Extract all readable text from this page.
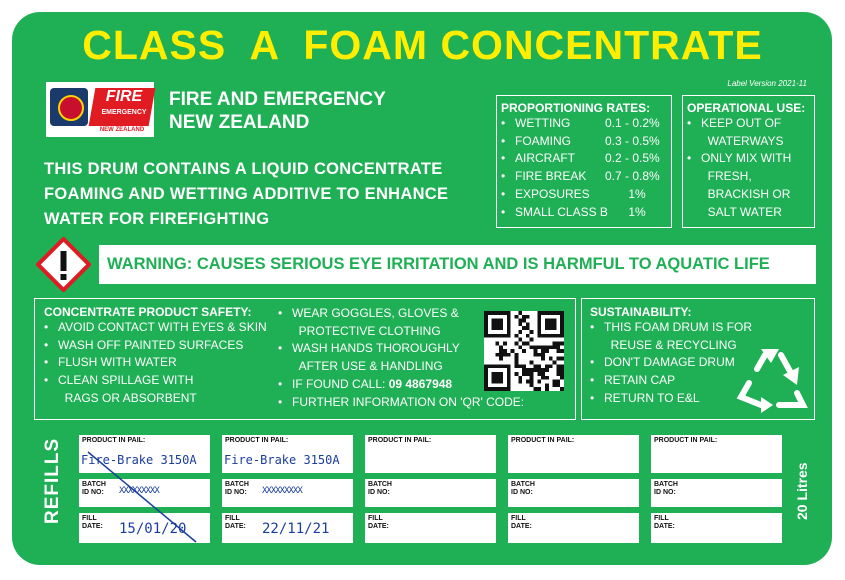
CLASS  A  FOAM CONCENTRATE
Label Version 2021-11
FIRE AND EMERGENCY
FIRE
EMERGENCY
NEW ZEALAND
FIRE AND EMERGENCY
NEW ZEALAND
THIS DRUM CONTAINS A LIQUID CONCENTRATE
FOAMING AND WETTING ADDITIVE TO ENHANCE
WATER FOR FIREFIGHTING
PROPORTIONING RATES:
• WETTING	0.1 - 0.2%
• FOAMING	0.3 - 0.5%
• AIRCRAFT	0.2 - 0.5%
• FIRE BREAK 0.7 - 0.8%
• EXPOSURES	1%
• SMALL CLASS B 1%
OPERATIONAL USE:
• KEEP OUT OF
WATERWAYS
• ONLY MIX WITH
FRESH,
BRACKISH OR
SALT WATER
WARNING: CAUSES SERIOUS EYE IRRITATION AND IS HARMFUL TO AQUATIC LIFE
CONCENTRATE PRODUCT SAFETY:
• AVOID CONTACT WITH EYES & SKIN
• WASH OFF PAINTED SURFACES
• FLUSH WITH WATER
• CLEAN SPILLAGE WITH
RAGS OR ABSORBENT
• WEAR GOGGLES, GLOVES &
PROTECTIVE CLOTHING
• WASH HANDS THOROUGHLY
AFTER USE & HANDLING
• IF FOUND CALL: 09 4867948
• FURTHER INFORMATION ON 'QR' CODE:
SUSTAINABILITY:
• THIS FOAM DRUM IS FOR
REUSE & RECYCLING
• DON'T DAMAGE DRUM
• RETAIN CAP
• RETURN TO E&L
REFILLS	20 Litres
PRODUCT IN PAIL:
Fire-Brake 3150A
BATCH
ID NO: XXXXXXXXX
FILL
DATE: 15/01/20
PRODUCT IN PAIL:
Fire-Brake 3150A
BATCH
ID NO: XXXXXXXXX
FILL
DATE: 22/11/21
PRODUCT IN PAIL:
BATCH
ID NO:
FILL
DATE:
PRODUCT IN PAIL:
BATCH
ID NO:
FILL
DATE:
PRODUCT IN PAIL:
BATCH
ID NO:
FILL
DATE:
